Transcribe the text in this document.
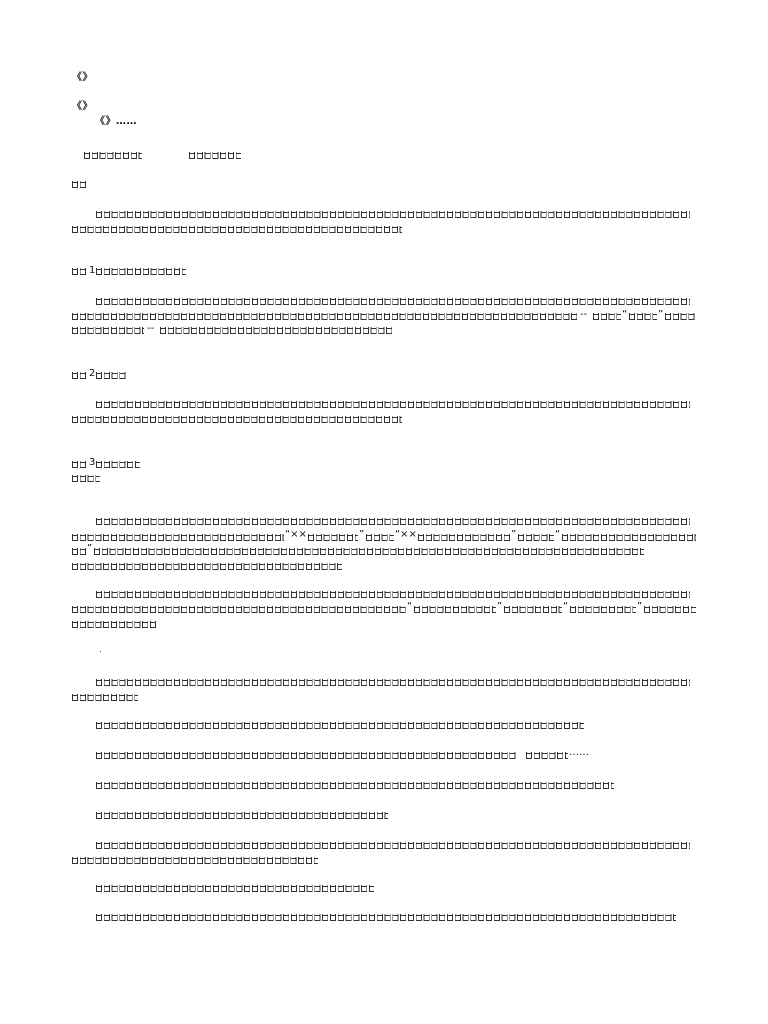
《》
《》
《》……
1
--	“	”
--
2
3
“××	”	“××	”	“
”
“	”	“	”
.
……
